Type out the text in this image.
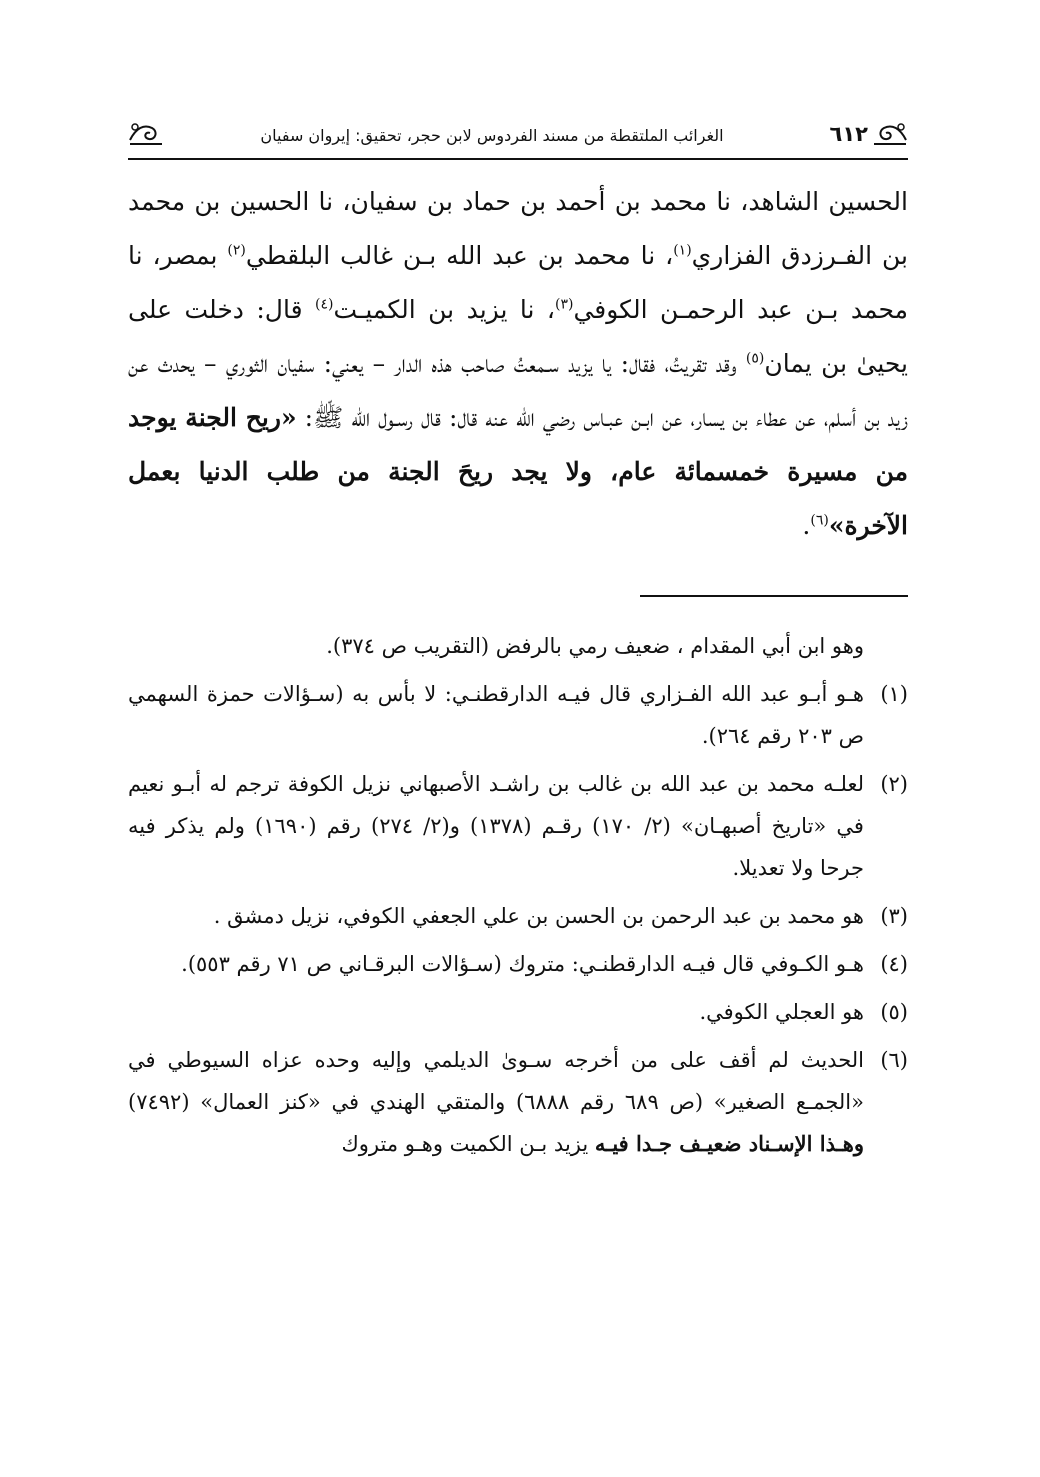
٦١٢
الغرائب الملتقطة من مسند الفردوس لابن حجر، تحقيق: إيروان سفيان

الحسين الشاهد، نا محمد بن أحمد بن حماد بن سفيان، نا الحسين بن محمد بن الفـرزدق الفزاري$^{(١)}$، نا محمد بن عبد الله بـن غالب البلقطي$^{(٢)}$ بمصر، نا محمد بـن عبد الرحمـن الكوفي$^{(٣)}$، نا يزيد بن الكميـت$^{(٤)}$ قال: دخلت على يحيىٰ بن يمان$^{(٥)}$ وقد تقريتُ، فقال: يا يزيد سـمعتُ صاحب هذه الدار – يعني: سفيان الثوري – يحدث عن زيد بن أسلم، عن عطاء بن يسار، عن ابـن عبـاس رضي الله عنه قال: قال رسـول الله ﷺ: «ريح الجنة يوجد من مسيرة خمسمائة عام، ولا يجد ريحَ الجنة من طلب الدنيا بعمل الآخرة»$^{(٦)}$.

وهو ابن أبي المقدام ، ضعيف رمي بالرفض (التقريب ص ٣٧٤).

(١)
هـو أبـو عبد الله الفـزاري قال فيـه الدارقطنـي: لا بأس به (سـؤالات حمزة السهمي ص ٢٠٣ رقم ٢٦٤).
(٢)
لعلـه محمد بن عبد الله بن غالب بن راشـد الأصبهاني نزيل الكوفة ترجم له أبـو نعيم في «تاريخ أصبهـان» (٢/ ١٧٠) رقـم (١٣٧٨) و(٢/ ٢٧٤) رقم (١٦٩٠) ولم يذكر فيه جرحا ولا تعديلا.
(٣)
هو محمد بن عبد الرحمن بن الحسن بن علي الجعفي الكوفي، نزيل دمشق .
(٤)
هـو الكـوفي قال فيـه الدارقطنـي: متروك (سـؤالات البرقـاني ص ٧١ رقم ٥٥٣).
(٥)
هو العجلي الكوفي.
(٦)
الحديث لم أقف على من أخرجه سـوىٰ الديلمي وإليه وحده عزاه السيوطي في «الجمـع الصغير» (ص ٦٨٩ رقم ٦٨٨٨) والمتقي الهندي في «كنز العمال» (٧٤٩٢) وهـذا الإسـناد ضعيـف جـدا فيـه يزيد بـن الكميت وهـو متروك
